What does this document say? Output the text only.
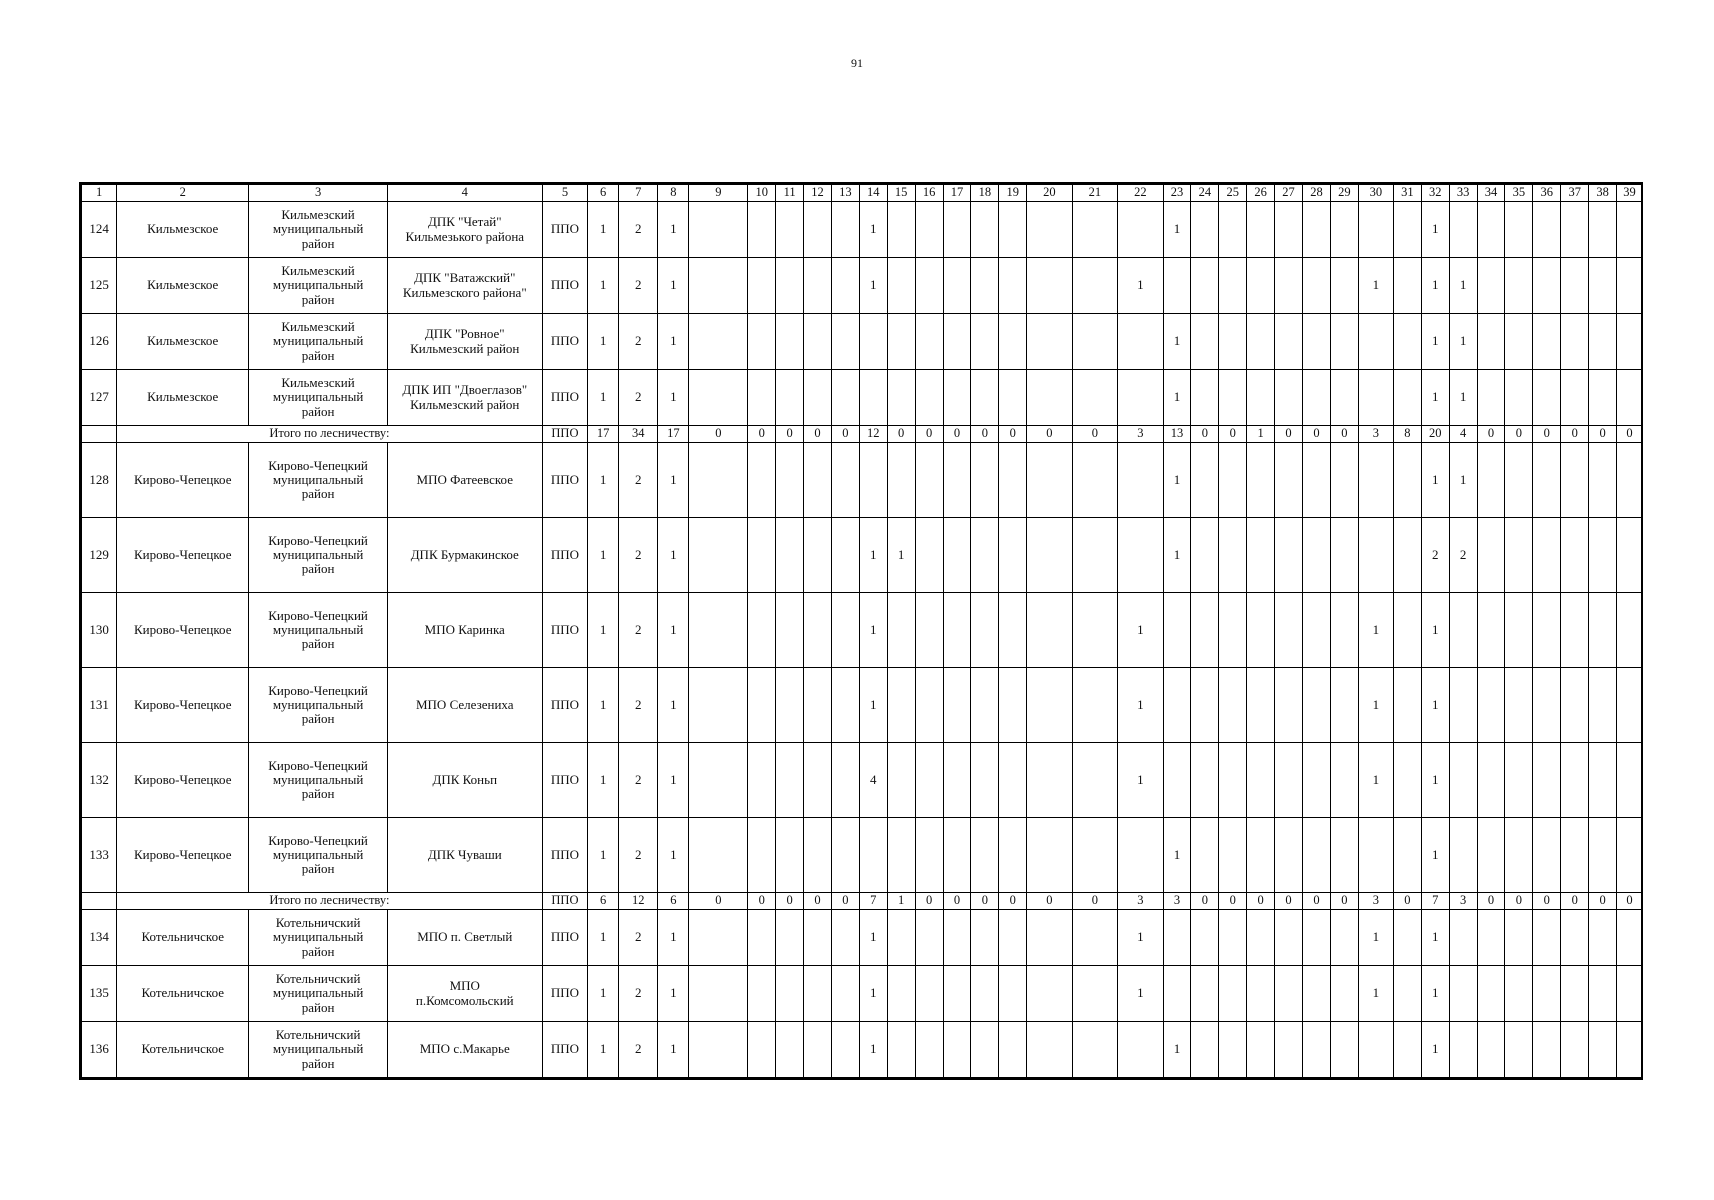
91
1	2	3	4	5	6	7	8	9	10	11	12	13	14	15	16	17	18	19	20	21	22	23	24	25	26	27	28	29	30	31	32	33	34	35	36	37	38	39

124	Кильмезское	Кильмезский
муниципальный
район	ДПК "Четай"
Кильмезького района	ППО	1	2	1						1									1									1							

125	Кильмезское	Кильмезский
муниципальный
район	ДПК "Ватажский"
Кильмезского района"	ППО	1	2	1						1								1								1		1	1						

126	Кильмезское	Кильмезский
муниципальный
район	ДПК "Ровное"
Кильмезский район	ППО	1	2	1															1									1	1						

127	Кильмезское	Кильмезский
муниципальный
район	ДПК ИП "Двоеглазов"
Кильмезский район	ППО	1	2	1															1									1	1						

	Итого по лесничеству:			ППО	17	34	17	0	0	0	0	0	12	0	0	0	0	0	0	0	3	13	0	0	1	0	0	0	3	8	20	4	0	0	0	0	0	0

128	Кирово-Чепецкое	Кирово-Чепецкий
муниципальный
район	МПО Фатеевское	ППО	1	2	1															1									1	1						

129	Кирово-Чепецкое	Кирово-Чепецкий
муниципальный
район	ДПК Бурмакинское	ППО	1	2	1						1	1								1									2	2						

130	Кирово-Чепецкое	Кирово-Чепецкий
муниципальный
район	МПО Каринка	ППО	1	2	1						1								1								1		1							

131	Кирово-Чепецкое	Кирово-Чепецкий
муниципальный
район	МПО Селезениха	ППО	1	2	1						1								1								1		1							

132	Кирово-Чепецкое	Кирово-Чепецкий
муниципальный
район	ДПК Коньп	ППО	1	2	1						4								1								1		1							

133	Кирово-Чепецкое	Кирово-Чепецкий
муниципальный
район	ДПК Чуваши	ППО	1	2	1															1									1							

	Итого по лесничеству:			ППО	6	12	6	0	0	0	0	0	7	1	0	0	0	0	0	0	3	3	0	0	0	0	0	0	3	0	7	3	0	0	0	0	0	0

134	Котельничское	Котельничский
муниципальный
район	МПО п. Светлый	ППО	1	2	1						1								1								1		1							

135	Котельничское	Котельничский
муниципальный
район	МПО
п.Комсомольский	ППО	1	2	1						1								1								1		1							

136	Котельничское	Котельничский
муниципальный
район	МПО с.Макарье	ППО	1	2	1						1									1									1							
